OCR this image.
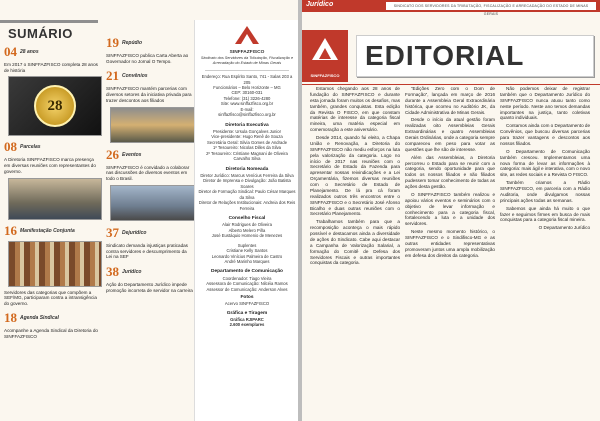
SUMÁRIO
04 28 anos
Em 2017 o SINFFAZFISCO completa 28 anos de história
28
08 Parcelas
A Diretoria SINFFAZFISCO marca presença em diversas reuniões com representantes do governo.
16 Manifestação Conjunta
Servidores das categorias que compõem a SEF/MG, participaram contra a intransigência do governo.
18 Agenda Sindical
Acompanhe a Agenda Sindical da Diretoria do SINFFAZFISCO
19 Repúdio
SINFFAZFISCO publica Carta Aberta ao Governador no Jornal O Tempo.
21 Convênios
SINFFAZFISCO mantém parcerias com diversos setores da iniciativa privada para trazer descontos aos filiados
26 Eventos
SINFFAZFISCO é convidado a colaborar nas discussões de diversos eventos em todo o Brasil.
37 Dejurídico
Sindicato demanda injustiças praticadas contra servidores e descumprimento da Lei na SEF
38 Jurídico
Ação do Departamento Jurídico impede promoção incorreta de servidor na carreira
SINFFAZFISCO
Sindicato dos Servidores da Tributação, Fiscalização e Arrecadação do Estado de Minas Gerais
Endereço: Rua Espírito Santo, 741 - Salas 203 a 205
Funcionários – Belo Horizonte – MG
CEP: 30160-031
Telefone: (31) 3226-4280
Site: www.sinffazfisco.org.br
E-mail:
sinffazfisco@sinffazfisco.org.br
Diretoria Executiva
Presidente: Ursula Gonçalves Junior
Vice-presidente: Hugo Renê de Souza
Secretária Geral: Silvia Gomes de Andrade
1º Tesoureiro: Nicolas Dilles da Silva
2º Tesoureiro: Cristiane Magnani de Oliveira Carvalho Silva
Diretoria Nomeada
Diretor Jurídico: Marcus Venícius Ferreira da Silva
Diretor de Imprensa e Divulgação: João Batista Soares
Diretor de Formação Sindical: Paulo César Marques da Silva
Diretor de Relações Institucionais: Andreia dos Reis Ferreira
Conselho Fiscal
Alair Rodrigues de Oliveira
Alberto Melero Piña
José Eustáquio Homenio de Menezes
Suplentes
Cristiane Kelly Santos
Leonardo Vinícius Palmeira de Castro
André Marinho Marques
Departamento de Comunicação
Coordenador: Tiago Vieira
Assessora de Comunicação: Nilcéia Ramos
Assessor de Comunicação: Anderson Alves
Fotos
Acervo SINFFAZFISCO
Gráfica e Tiragem
Gráfica RJIPARC
2.600 exemplares
Jurídico	SINDICATO DOS SERVIDORES DA TRIBUTAÇÃO, FISCALIZAÇÃO E ARRECADAÇÃO DO ESTADO DE MINAS GERAIS
SINFFAZFISCO
EDITORIAL

Estamos chegando aos 28 anos de fundação do SINFFAZFISCO e durante esta jornada foram muitos os desafios, mas também, grandes conquistas. Esta edição da Revista O FISCO, em que constam matérias de interesse da categoria fiscal mineira, uma matéria especial em comemoração a este aniversário.

Desde 2014, quando fui eleito, a Chapa União e Renovação, a Diretoria do SINFFAZFISCO não mediu esforços na luta pela valorização da categoria. Logo no início de 2017 nas reuniões com o Secretário de Estado da Fazenda para apresentar nossas reivindicações e a Lei Orçamentária, fizemos diversas reuniões com o Secretário de Estado de Planejamento. De lá pra cá foram realizados outros três encontros entre o SINFFAZFISCO e o Secretário José Afonso Bicalho e duas outras reuniões com o Secretário Planejamento.

Trabalhamos também para que a recomposição aconteça o mais rápido possível e destacamos ainda a diversidade de ações do Sindicato. Cabe aqui destacar a Campanha de Valorização Salarial, a formação do Comitê de Defesa dos Servidores Fiscais e outras importantes conquistas da categoria.

“Edições Zero com o Dom de Formação”, lançada em março de 2016 durante a Assembleia Geral Extraordinária histórica, que ocorreu no Auditório JK, da Cidade Administrativa de Minas Gerais.

Desde o início da atual gestão foram realizadas oito Assembleias Gerais Extraordinárias e quatro Assembleias Gerais Ordinárias, onde a categoria sempre compareceu em peso para votar as questões que lhe são de interesse.

Além das Assembleias, a Diretoria percorreu o Estado para se reunir com a categoria, sendo oportunidade para que todos os nossos filiados e não filiados pudessem tomar conhecimento de todas as ações desta gestão.

O SINFFAZFISCO também realizou e apoiou vários eventos e seminários com o objetivo de levar informação e conhecimento para a categoria fiscal, fortalecendo a luta e a unidade dos servidores.

Neste mesmo momento histórico, o SINFFAZFISCO e o Sindifisco-MG e as outras entidades representativas promoveram juntos uma ampla mobilização em defesa dos direitos da categoria.

Não podemos deixar de registrar também que o Departamento Jurídico do SINFFAZFISCO nunca atuou tanto como neste período. Neste ano temos demandas importantes na justiça, tanto coletivas quanto individuais.

Contamos ainda com o Departamento de Convênios, que buscou diversas parcerias para trazer vantagens e descontos aos nossos filiados.

O Departamento de Comunicação também cresceu. Implementamos uma nova forma de levar as informações à categoria: mais ágil e interativa, com o novo site, as redes sociais e a Revista O FISCO.

Também criamos a Rádio SINFFAZFISCO, em parceria com a Rádio Auditoria, onde divulgamos nossas principais ações todas as semanas.

Sabemos que ainda há muito o que fazer e seguimos firmes em busca de mais conquistas para a categoria fiscal mineira.

O Departamento Jurídico
